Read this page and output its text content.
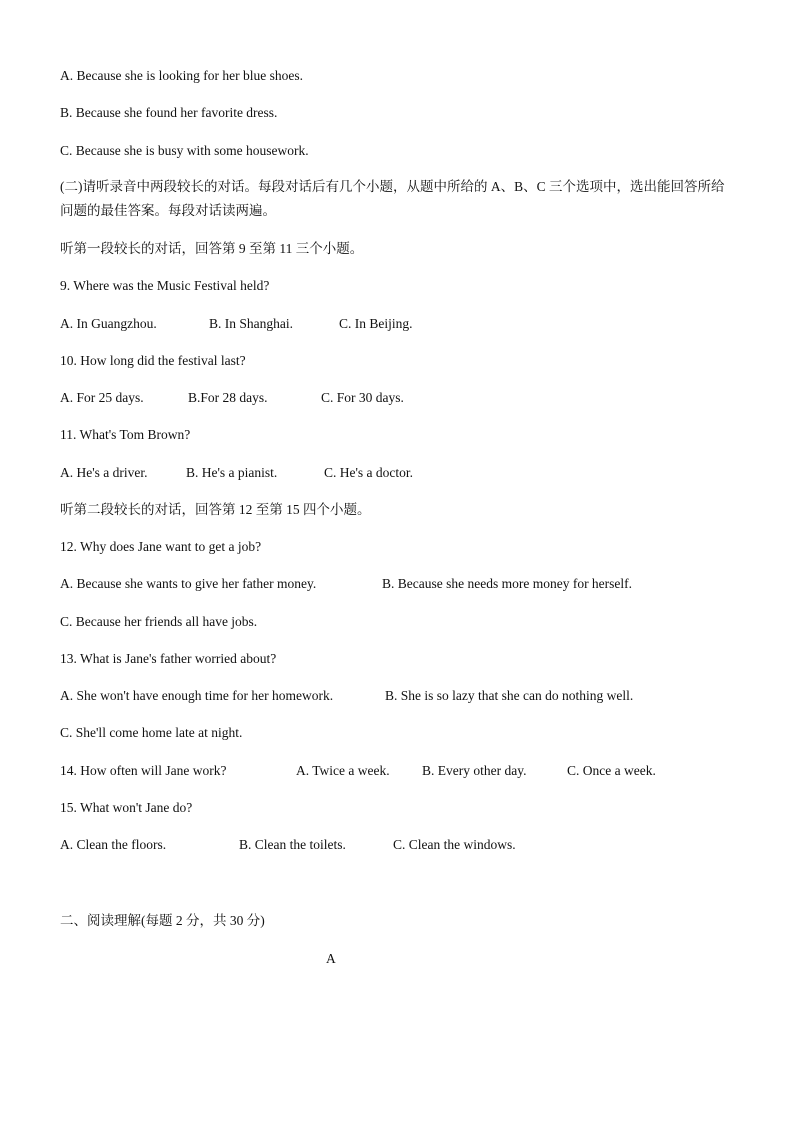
A. Because she is looking for her blue shoes.
B. Because she found her favorite dress.
C. Because she is busy with some housework.
(二)请听录音中两段较长的对话。每段对话后有几个小题，从题中所给的 A、B、C 三个选项中，选出能回答所给问题的最佳答案。每段对话读两遍。
听第一段较长的对话，回答第 9 至第 11 三个小题。
9. Where was the Music Festival held?
A. In Guangzhou.	B. In Shanghai.	C. In Beijing.
10. How long did the festival last?
A. For 25 days.	B.For 28 days.	C. For 30 days.
11. What's Tom Brown?
A. He's a driver.	B. He's a pianist.	C. He's a doctor.
听第二段较长的对话，回答第 12 至第 15 四个小题。
12. Why does Jane want to get a job?
A. Because she wants to give her father money.	B. Because she needs more money for herself.
C. Because her friends all have jobs.
13. What is Jane's father worried about?
A. She won't have enough time for her homework.	B. She is so lazy that she can do nothing well.
C. She'll come home late at night.
14. How often will Jane work?	A. Twice a week. B. Every other day.	C. Once a week.
15. What won't Jane do?
A. Clean the floors.	B. Clean the toilets.	C. Clean the windows.
二、阅读理解(每题 2 分，共 30 分)
A
